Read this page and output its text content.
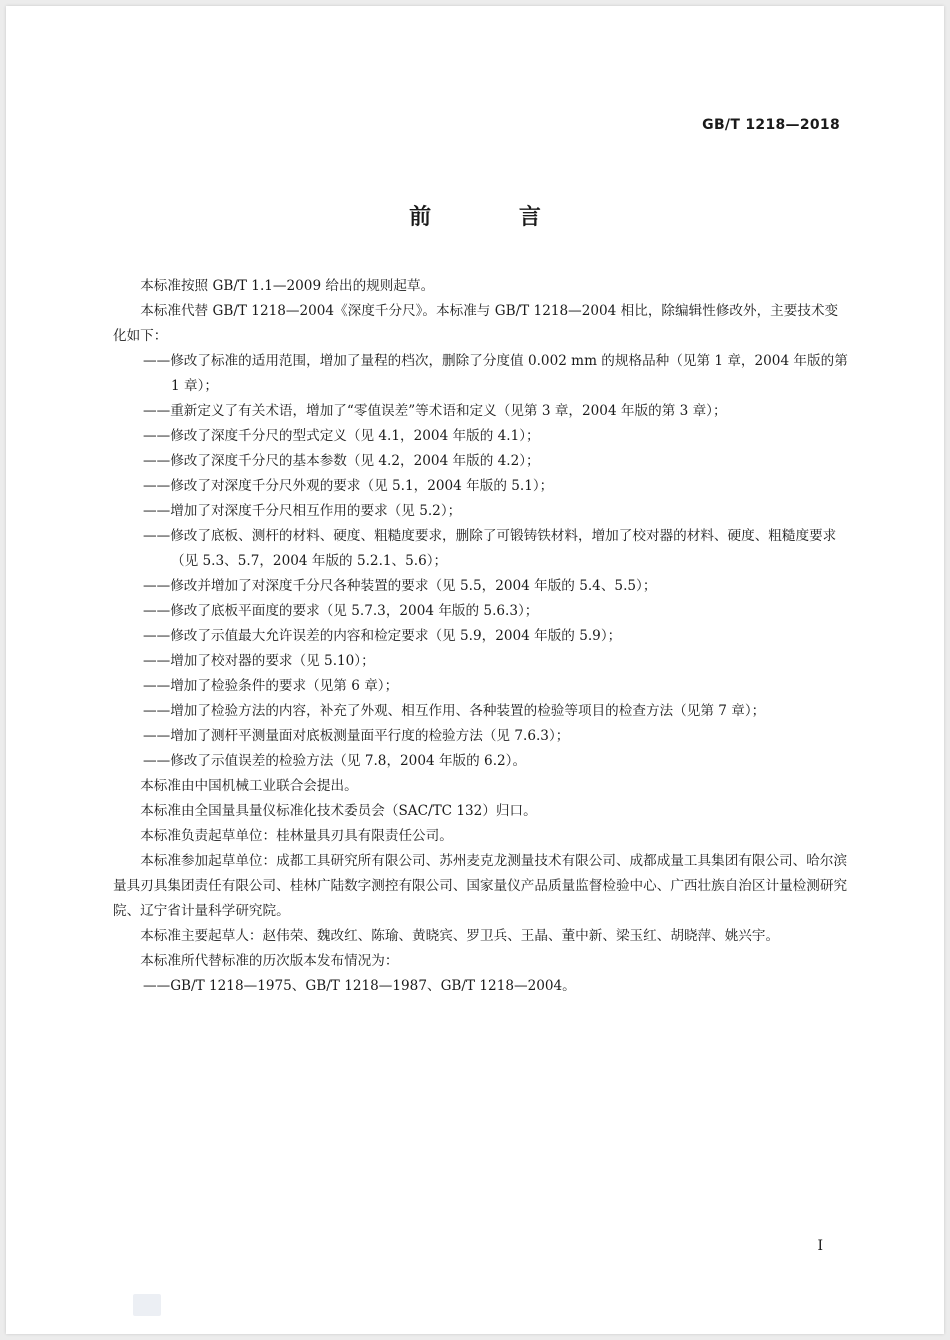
GB/T 1218—2018
前 言

本标准按照 GB/T 1.1—2009 给出的规则起草。

本标准代替 GB/T 1218—2004《深度千分尺》。本标准与 GB/T 1218—2004 相比，除编辑性修改外，主要技术变化如下：

——修改了标准的适用范围，增加了量程的档次，删除了分度值 0.002 mm 的规格品种（见第 1 章，2004 年版的第 1 章）；

——重新定义了有关术语，增加了“零值误差”等术语和定义（见第 3 章，2004 年版的第 3 章）；

——修改了深度千分尺的型式定义（见 4.1，2004 年版的 4.1）；

——修改了深度千分尺的基本参数（见 4.2，2004 年版的 4.2）；

——修改了对深度千分尺外观的要求（见 5.1，2004 年版的 5.1）；

——增加了对深度千分尺相互作用的要求（见 5.2）；

——修改了底板、测杆的材料、硬度、粗糙度要求，删除了可锻铸铁材料，增加了校对器的材料、硬度、粗糙度要求（见 5.3、5.7，2004 年版的 5.2.1、5.6）；

——修改并增加了对深度千分尺各种装置的要求（见 5.5，2004 年版的 5.4、5.5）；

——修改了底板平面度的要求（见 5.7.3，2004 年版的 5.6.3）；

——修改了示值最大允许误差的内容和检定要求（见 5.9，2004 年版的 5.9）；

——增加了校对器的要求（见 5.10）；

——增加了检验条件的要求（见第 6 章）；

——增加了检验方法的内容，补充了外观、相互作用、各种装置的检验等项目的检查方法（见第 7 章）；

——增加了测杆平测量面对底板测量面平行度的检验方法（见 7.6.3）；

——修改了示值误差的检验方法（见 7.8，2004 年版的 6.2）。

本标准由中国机械工业联合会提出。

本标准由全国量具量仪标准化技术委员会（SAC/TC 132）归口。

本标准负责起草单位：桂林量具刃具有限责任公司。

本标准参加起草单位：成都工具研究所有限公司、苏州麦克龙测量技术有限公司、成都成量工具集团有限公司、哈尔滨量具刃具集团责任有限公司、桂林广陆数字测控有限公司、国家量仪产品质量监督检验中心、广西壮族自治区计量检测研究院、辽宁省计量科学研究院。

本标准主要起草人：赵伟荣、魏改红、陈瑜、黄晓宾、罗卫兵、王晶、董中新、梁玉红、胡晓萍、姚兴宇。

本标准所代替标准的历次版本发布情况为：

——GB/T 1218—1975、GB/T 1218—1987、GB/T 1218—2004。

I
